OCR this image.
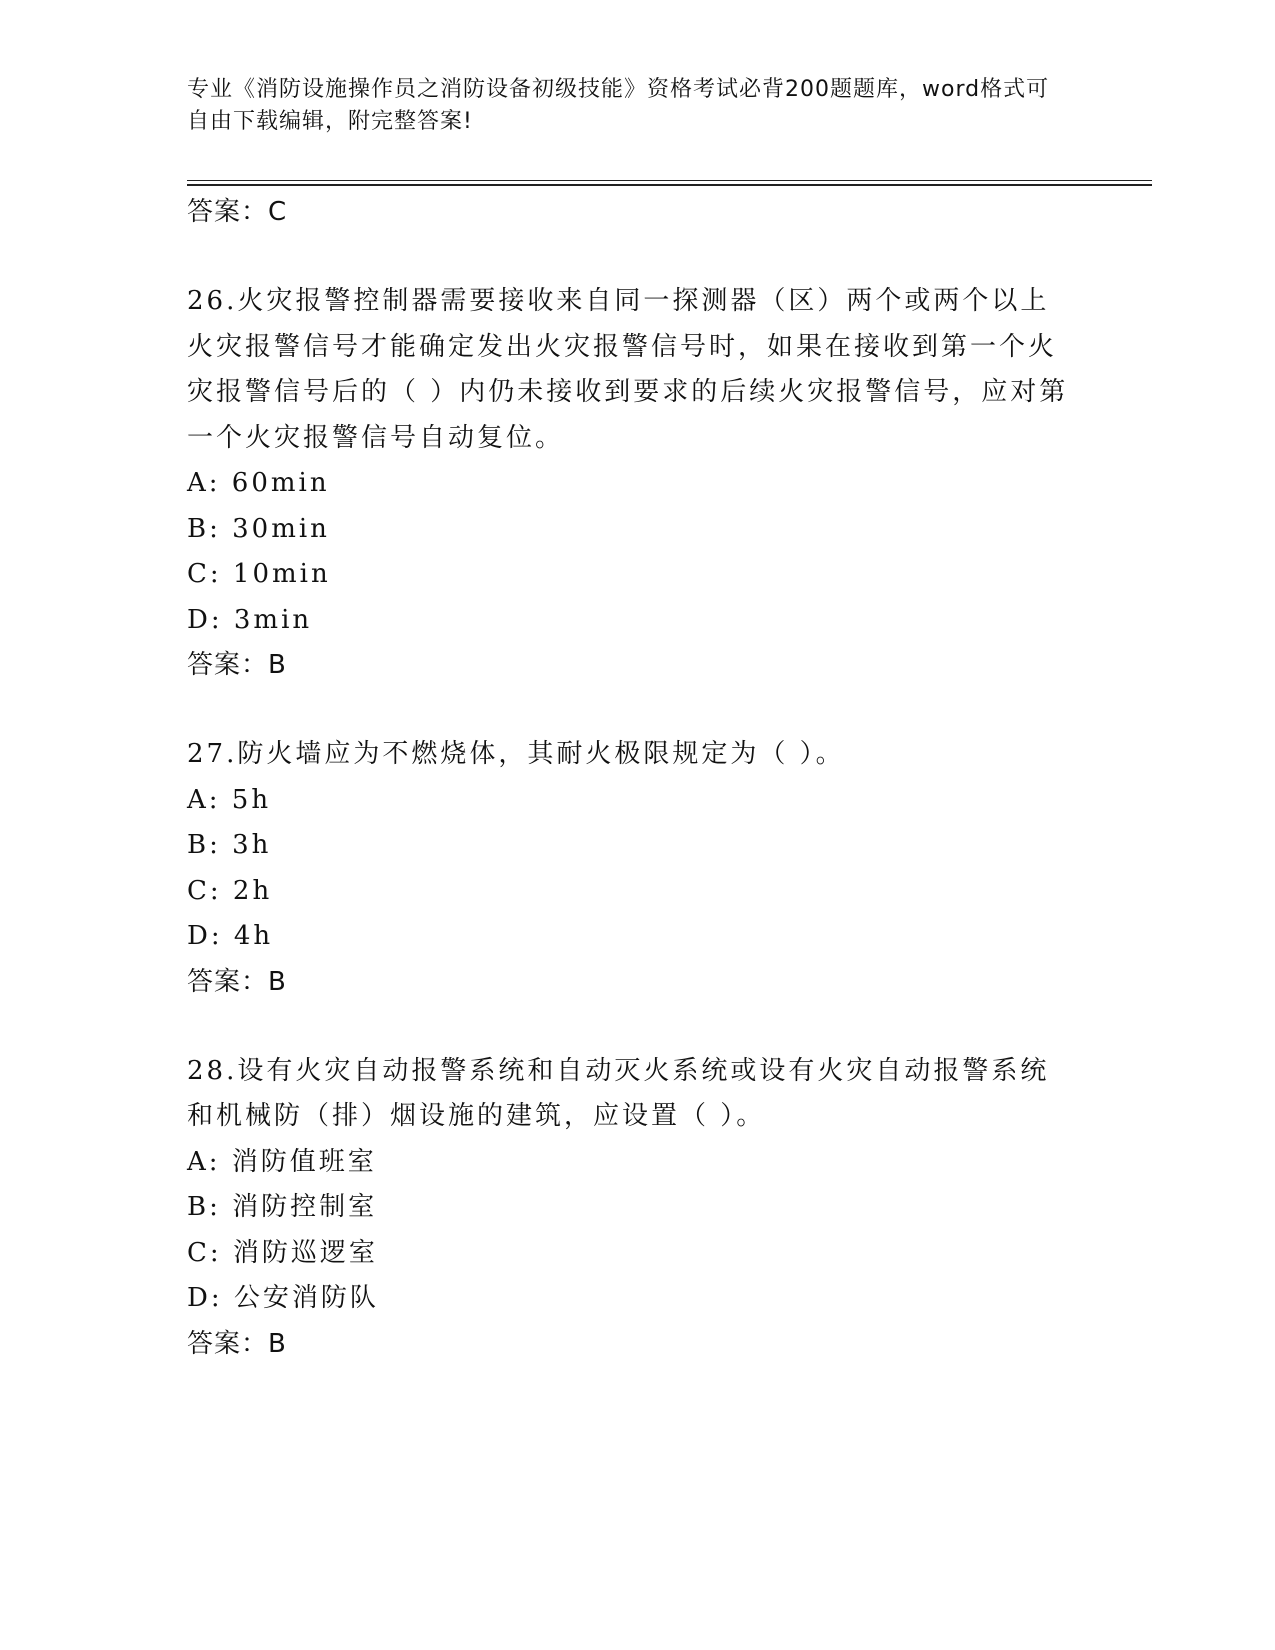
专业《消防设施操作员之消防设备初级技能》资格考试必背200题题库，word格式可自由下载编辑，附完整答案!
答案：C
26.火灾报警控制器需要接收来自同一探测器（区）两个或两个以上火灾报警信号才能确定发出火灾报警信号时，如果在接收到第一个火灾报警信号后的（ ）内仍未接收到要求的后续火灾报警信号，应对第一个火灾报警信号自动复位。
A: 60min
B: 30min
C: 10min
D: 3min
答案：B
27.防火墙应为不燃烧体，其耐火极限规定为（ ）。
A: 5h
B: 3h
C: 2h
D: 4h
答案：B
28.设有火灾自动报警系统和自动灭火系统或设有火灾自动报警系统和机械防（排）烟设施的建筑，应设置（ ）。
A: 消防值班室
B: 消防控制室
C: 消防巡逻室
D: 公安消防队
答案：B
